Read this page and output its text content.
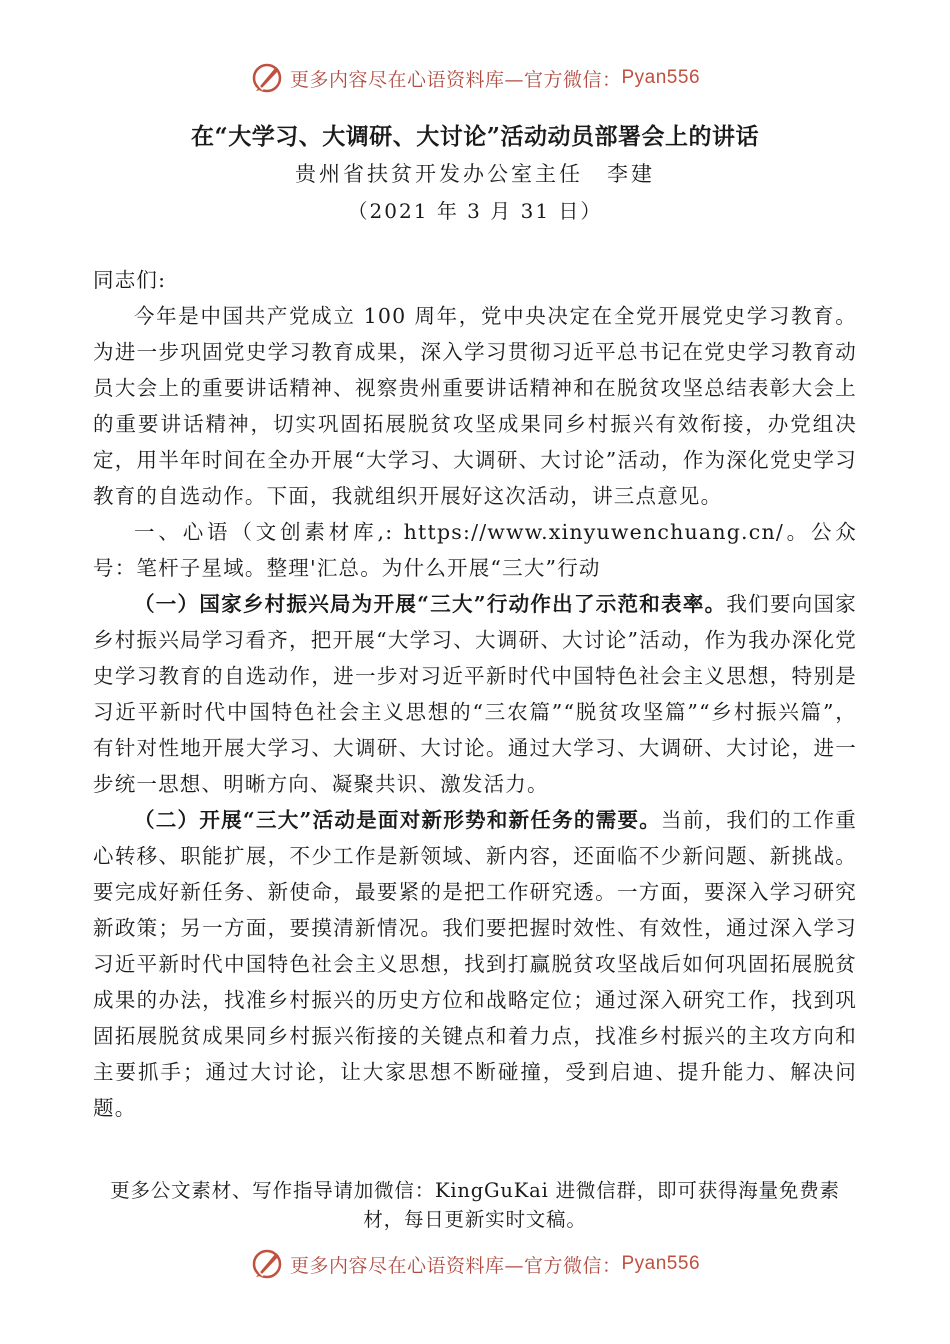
更多内容尽在心语资料库—官方微信： Pyan556
在“大学习、大调研、大讨论”活动动员部署会上的讲话
贵州省扶贫开发办公室主任　李建
（2021 年 3 月 31 日）

同志们:

今年是中国共产党成立 100 周年，党中央决定在全党开展党史学习教育。为进一步巩固党史学习教育成果，深入学习贯彻习近平总书记在党史学习教育动员大会上的重要讲话精神、视察贵州重要讲话精神和在脱贫攻坚总结表彰大会上的重要讲话精神，切实巩固拓展脱贫攻坚成果同乡村振兴有效衔接，办党组决定，用半年时间在全办开展“大学习、大调研、大讨论”活动，作为深化党史学习教育的自选动作。下面，我就组织开展好这次活动，讲三点意见。

一、心语（文创素材库,: https://www.xinyuwenchuang.cn/。公众号：笔杆子星域。整理'汇总。为什么开展“三大”行动

（一）国家乡村振兴局为开展“三大”行动作出了示范和表率。我们要向国家乡村振兴局学习看齐，把开展“大学习、大调研、大讨论”活动，作为我办深化党史学习教育的自选动作，进一步对习近平新时代中国特色社会主义思想，特别是习近平新时代中国特色社会主义思想的“三农篇”“脱贫攻坚篇”“乡村振兴篇”，有针对性地开展大学习、大调研、大讨论。通过大学习、大调研、大讨论，进一步统一思想、明晰方向、凝聚共识、激发活力。

（二）开展“三大”活动是面对新形势和新任务的需要。当前，我们的工作重心转移、职能扩展，不少工作是新领域、新内容，还面临不少新问题、新挑战。要完成好新任务、新使命，最要紧的是把工作研究透。一方面，要深入学习研究新政策；另一方面，要摸清新情况。我们要把握时效性、有效性，通过深入学习习近平新时代中国特色社会主义思想，找到打赢脱贫攻坚战后如何巩固拓展脱贫成果的办法，找准乡村振兴的历史方位和战略定位；通过深入研究工作，找到巩固拓展脱贫成果同乡村振兴衔接的关键点和着力点，找准乡村振兴的主攻方向和主要抓手；通过大讨论，让大家思想不断碰撞，受到启迪、提升能力、解决问题。

更多公文素材、写作指导请加微信：KingGuKai 进微信群，即可获得海量免费素材，每日更新实时文稿。
更多内容尽在心语资料库—官方微信： Pyan556
